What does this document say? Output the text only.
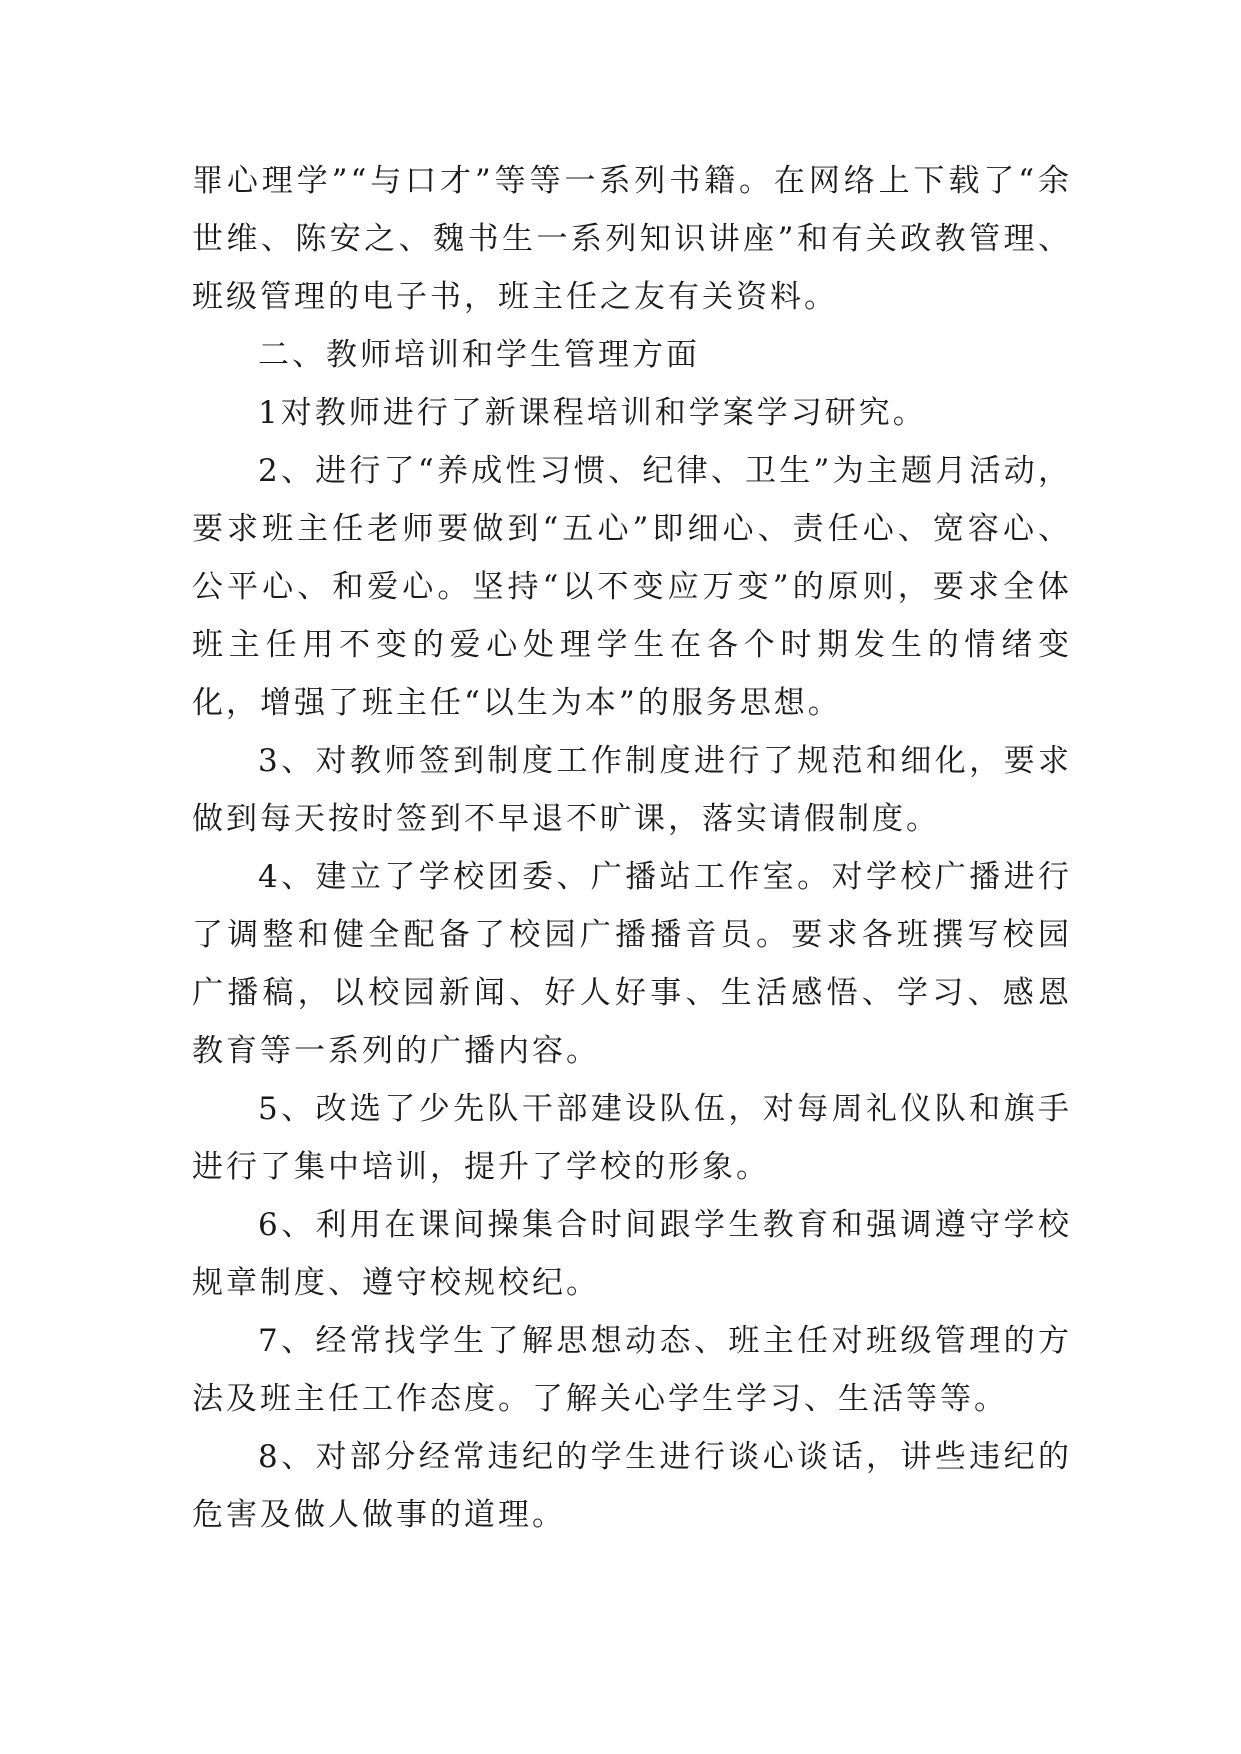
罪心理学”“与口才”等等一系列书籍。在网络上下载了“余世维、陈安之、魏书生一系列知识讲座”和有关政教管理、班级管理的电子书，班主任之友有关资料。

二、教师培训和学生管理方面

1对教师进行了新课程培训和学案学习研究。

2、进行了“养成性习惯、纪律、卫生”为主题月活动，要求班主任老师要做到“五心”即细心、责任心、宽容心、公平心、和爱心。坚持“以不变应万变”的原则，要求全体班主任用不变的爱心处理学生在各个时期发生的情绪变化，增强了班主任“以生为本”的服务思想。

3、对教师签到制度工作制度进行了规范和细化，要求做到每天按时签到不早退不旷课，落实请假制度。

4、建立了学校团委、广播站工作室。对学校广播进行了调整和健全配备了校园广播播音员。要求各班撰写校园广播稿，以校园新闻、好人好事、生活感悟、学习、感恩教育等一系列的广播内容。

5、改选了少先队干部建设队伍，对每周礼仪队和旗手进行了集中培训，提升了学校的形象。

6、利用在课间操集合时间跟学生教育和强调遵守学校规章制度、遵守校规校纪。

7、经常找学生了解思想动态、班主任对班级管理的方法及班主任工作态度。了解关心学生学习、生活等等。

8、对部分经常违纪的学生进行谈心谈话，讲些违纪的危害及做人做事的道理。
